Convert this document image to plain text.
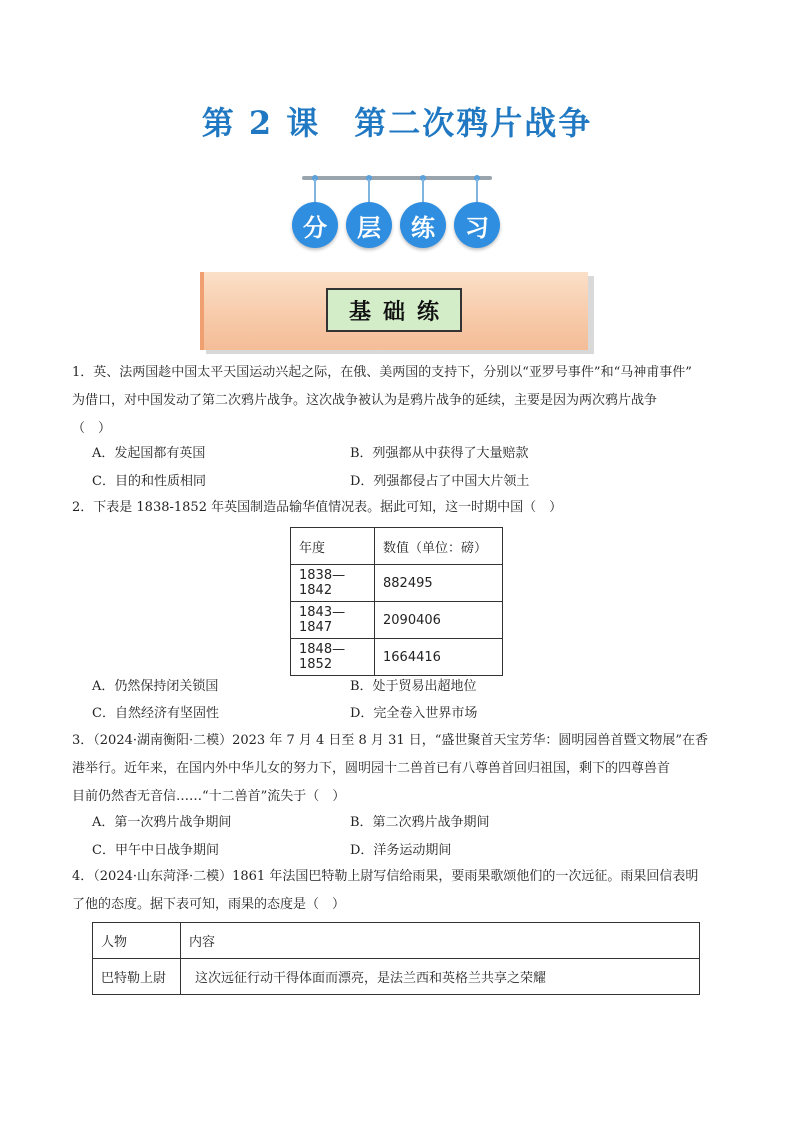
第 2 课　第二次鸦片战争
分	层	练	习
基础练
1．英、法两国趁中国太平天国运动兴起之际，在俄、美两国的支持下，分别以“亚罗号事件”和“马神甫事件”
为借口，对中国发动了第二次鸦片战争。这次战争被认为是鸦片战争的延续，主要是因为两次鸦片战争
（　）
A．发起国都有英国	B．列强都从中获得了大量赔款
C．目的和性质相同	D．列强都侵占了中国大片领土
2．下表是 1838-1852 年英国制造品输华值情况表。据此可知，这一时期中国（　）
年度	数值（单位：磅）
1838—1842	882495
1843—1847	2090406
1848—1852	1664416
A．仍然保持闭关锁国	B．处于贸易出超地位
C．自然经济有坚固性	D．完全卷入世界市场
3．（2024·湖南衡阳·二模）2023 年 7 月 4 日至 8 月 31 日，“盛世聚首天宝芳华：圆明园兽首暨文物展”在香
港举行。近年来，在国内外中华儿女的努力下，圆明园十二兽首已有八尊兽首回归祖国，剩下的四尊兽首
目前仍然杳无音信……“十二兽首”流失于（　）
A．第一次鸦片战争期间	B．第二次鸦片战争期间
C．甲午中日战争期间	D．洋务运动期间
4．（2024·山东菏泽·二模）1861 年法国巴特勒上尉写信给雨果，要雨果歌颂他们的一次远征。雨果回信表明
了他的态度。据下表可知，雨果的态度是（　）
人物	内容
巴特勒上尉	这次远征行动干得体面而漂亮，是法兰西和英格兰共享之荣耀
